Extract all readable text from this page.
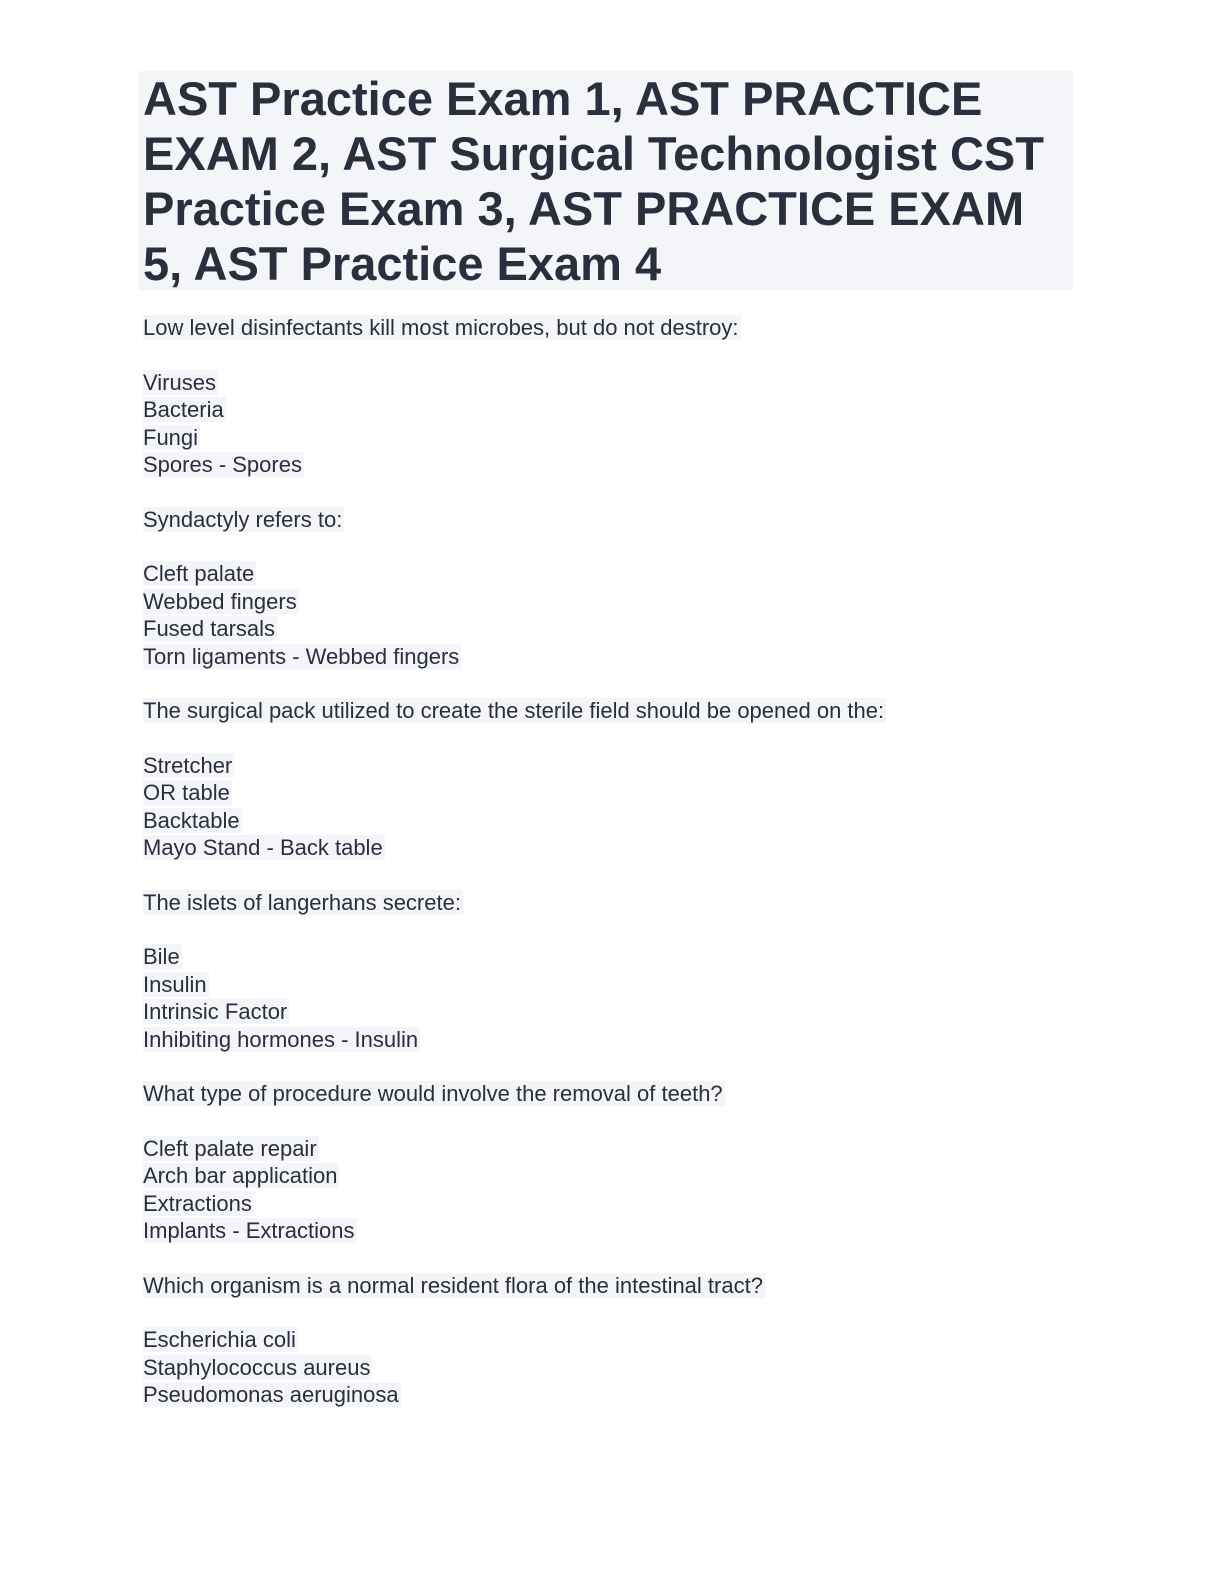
AST Practice Exam 1, AST PRACTICE EXAM 2, AST Surgical Technologist CST Practice Exam 3, AST PRACTICE EXAM 5, AST Practice Exam 4
Low level disinfectants kill most microbes, but do not destroy:
Viruses
Bacteria
Fungi
Spores - Spores
Syndactyly refers to:
Cleft palate
Webbed fingers
Fused tarsals
Torn ligaments - Webbed fingers
The surgical pack utilized to create the sterile field should be opened on the:
Stretcher
OR table
Backtable
Mayo Stand - Back table
The islets of langerhans secrete:
Bile
Insulin
Intrinsic Factor
Inhibiting hormones - Insulin
What type of procedure would involve the removal of teeth?
Cleft palate repair
Arch bar application
Extractions
Implants - Extractions
Which organism is a normal resident flora of the intestinal tract?
Escherichia coli
Staphylococcus aureus
Pseudomonas aeruginosa
